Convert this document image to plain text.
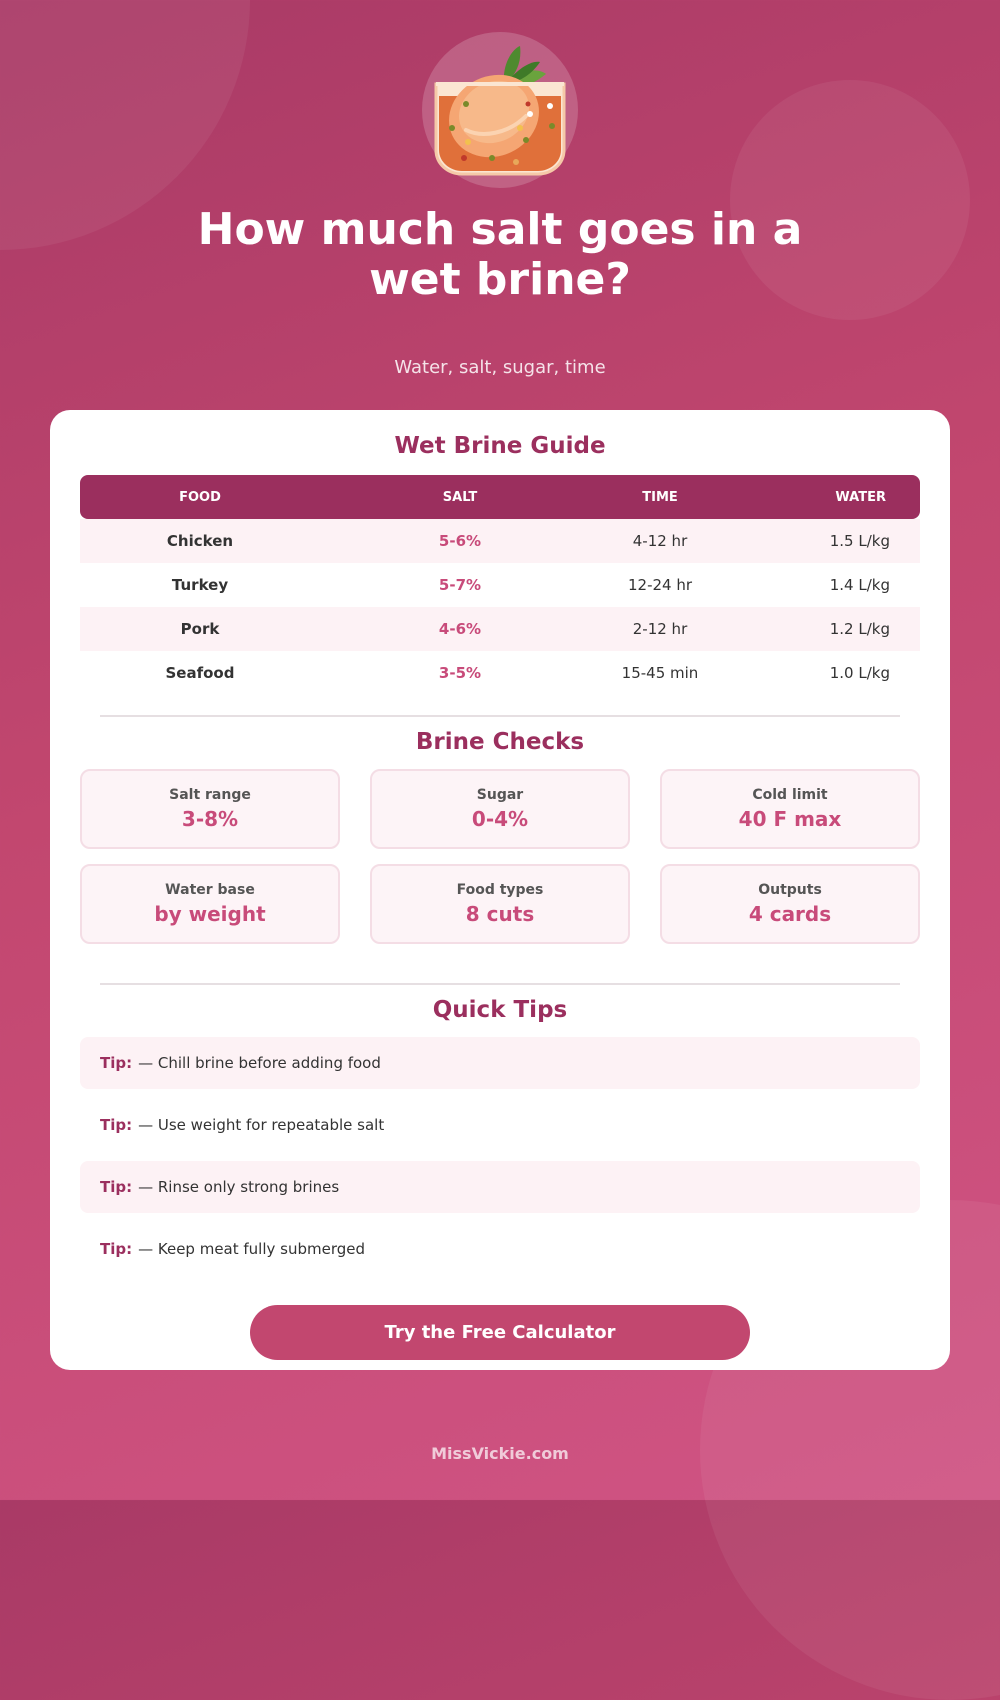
How much salt goes in a wet brine?
Water, salt, sugar, time
Wet Brine Guide
FOOD	SALT	TIME	WATER
Chicken	5-6%	4-12 hr	1.5 L/kg
Turkey	5-7%	12-24 hr	1.4 L/kg
Pork	4-6%	2-12 hr	1.2 L/kg
Seafood	3-5%	15-45 min	1.0 L/kg
Brine Checks
Salt range
3-8%
Sugar
0-4%
Cold limit
40 F max
Water base
by weight
Food types
8 cuts
Outputs
4 cards
Quick Tips
Tip: — Chill brine before adding food
Tip: — Use weight for repeatable salt
Tip: — Rinse only strong brines
Tip: — Keep meat fully submerged
Try the Free Calculator
MissVickie.com
